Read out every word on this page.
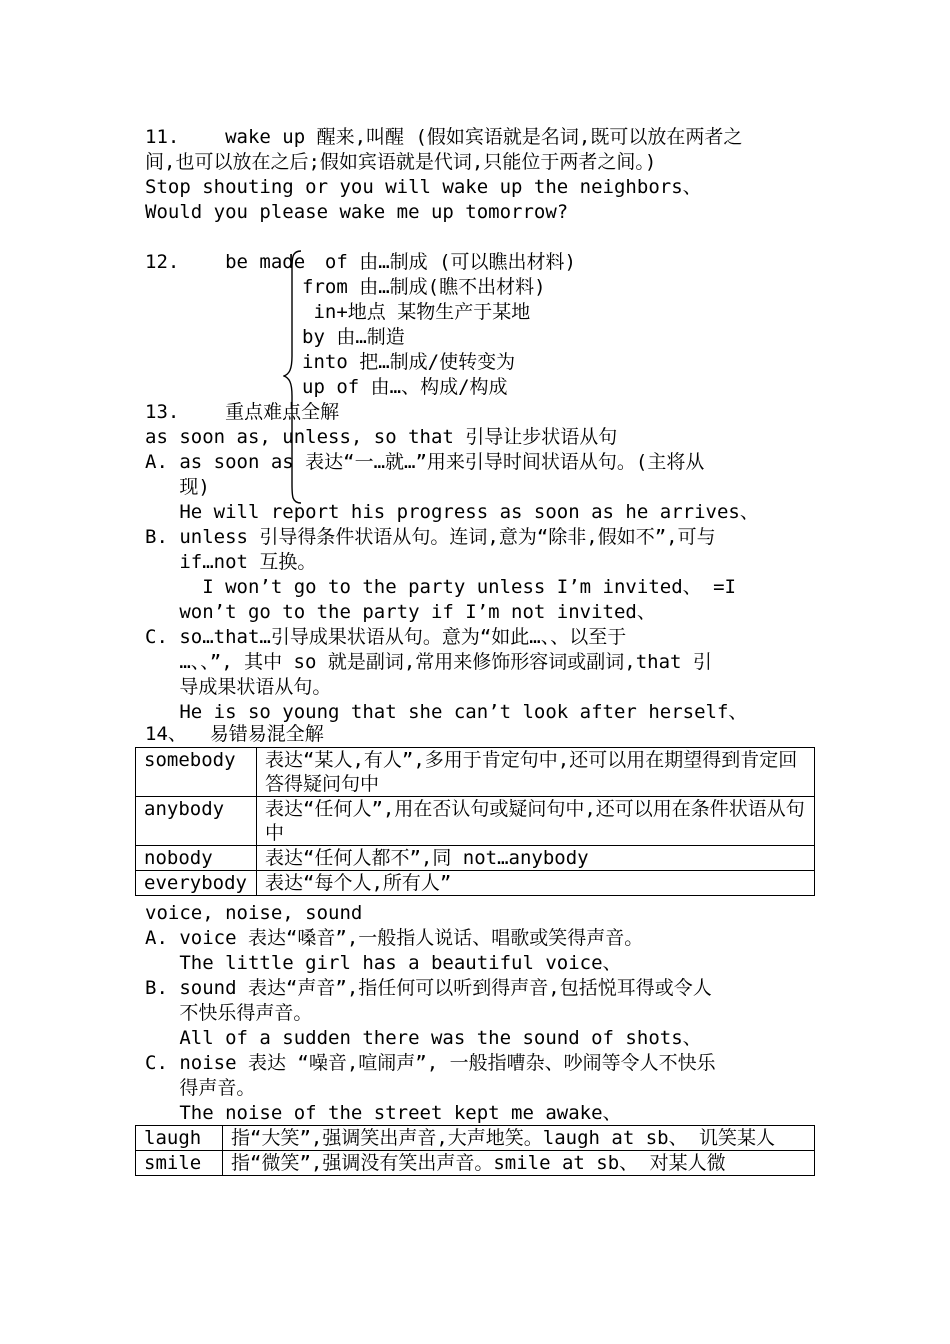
11.    wake up 醒来,叫醒 (假如宾语就是名词,既可以放在两者之
间,也可以放在之后;假如宾语就是代词,只能位于两者之间。)
Stop shouting or you will wake up the neighbors、
Would you please wake me up tomorrow?
12.    be made
of 由…制成 (可以瞧出材料)
from 由…制成(瞧不出材料)
in+地点 某物生产于某地
by 由…制造
into 把…制成/使转变为
up of 由…、构成/构成
13.    重点难点全解
as soon as, unless, so that 引导让步状语从句
A. as soon as 表达“一…就…”用来引导时间状语从句。(主将从
现)
He will report his progress as soon as he arrives、
B. unless 引导得条件状语从句。连词,意为“除非,假如不”,可与
if…not 互换。
I won’t go to the party unless I’m invited、 =I
won’t go to the party if I’m not invited、
C. so…that…引导成果状语从句。意为“如此…、、以至于
…、、”, 其中 so 就是副词,常用来修饰形容词或副词,that 引
导成果状语从句。
He is so young that she can’t look after herself、
14、  易错易混全解
somebody	表达“某人,有人”,多用于肯定句中,还可以用在期望得到肯定回答得疑问句中
anybody	表达“任何人”,用在否认句或疑问句中,还可以用在条件状语从句中
nobody	表达“任何人都不”,同 not…anybody
everybody	表达“每个人,所有人”
voice, noise, sound
A. voice 表达“嗓音”,一般指人说话、唱歌或笑得声音。
The little girl has a beautiful voice、
B. sound 表达“声音”,指任何可以听到得声音,包括悦耳得或令人
不快乐得声音。
All of a sudden there was the sound of shots、
C. noise 表达 “噪音,喧闹声”, 一般指嘈杂、吵闹等令人不快乐
得声音。
The noise of the street kept me awake、
laugh	指“大笑”,强调笑出声音,大声地笑。laugh at sb、 讥笑某人
smile	指“微笑”,强调没有笑出声音。smile at sb、 对某人微
